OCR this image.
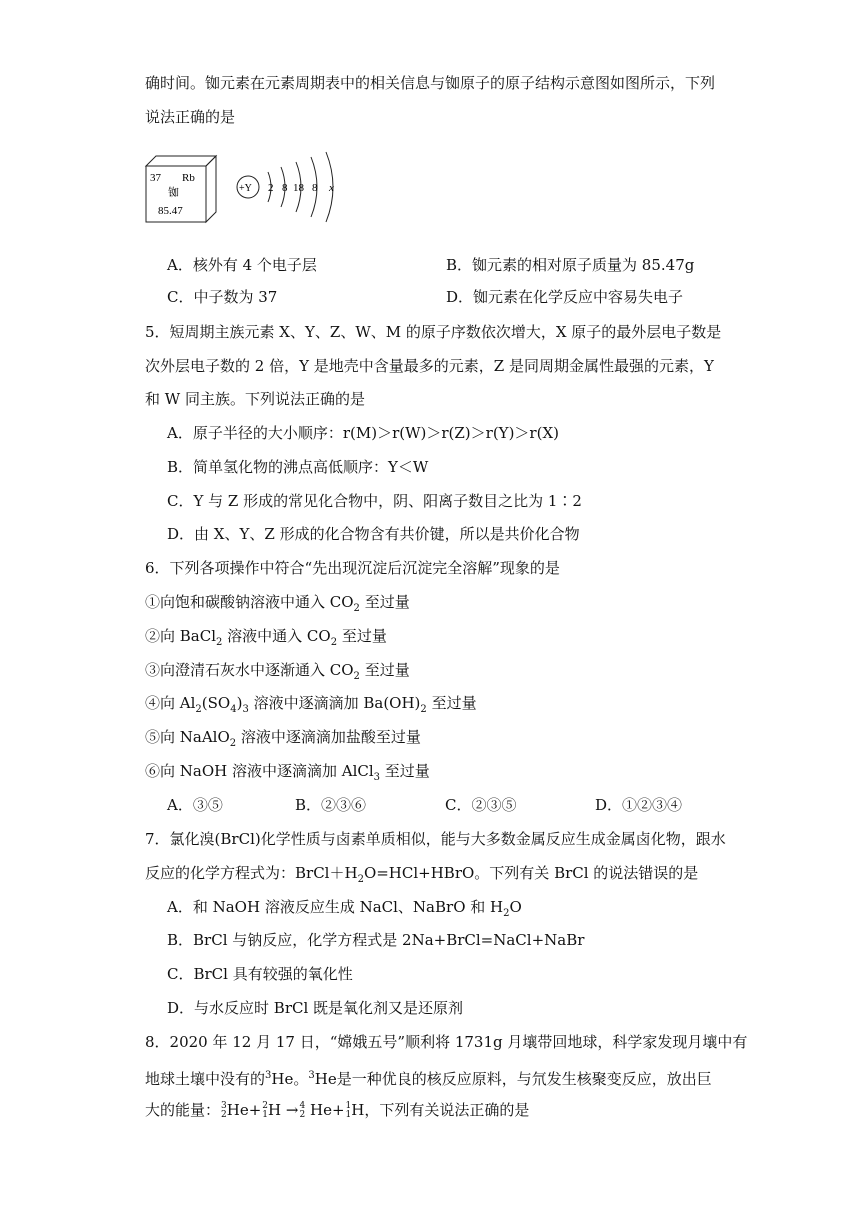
确时间。铷元素在元素周期表中的相关信息与铷原子的原子结构示意图如图所示，下列
说法正确的是
37 Rb
铷
85.47
+Y 2 8 18 8 x
A．核外有 4 个电子层	B．铷元素的相对原子质量为 85.47g
C．中子数为 37	D．铷元素在化学反应中容易失电子
5．短周期主族元素 X、Y、Z、W、M 的原子序数依次增大，X 原子的最外层电子数是
次外层电子数的 2 倍，Y 是地壳中含量最多的元素，Z 是同周期金属性最强的元素，Y
和 W 同主族。下列说法正确的是
A．原子半径的大小顺序：r(M)＞r(W)＞r(Z)＞r(Y)＞r(X)
B．简单氢化物的沸点高低顺序：Y＜W
C．Y 与 Z 形成的常见化合物中，阴、阳离子数目之比为 1∶2
D．由 X、Y、Z 形成的化合物含有共价键，所以是共价化合物
6．下列各项操作中符合“先出现沉淀后沉淀完全溶解”现象的是
①向饱和碳酸钠溶液中通入 $CO_2$ 至过量
②向 BaCl$_2$ 溶液中通入 $CO_2$ 至过量
③向澄清石灰水中逐渐通入 $CO_2$ 至过量
④向 $Al_2(SO_4)_3$ 溶液中逐滴滴加 $Ba(OH)_2$ 至过量
⑤向 NaAlO$_2$ 溶液中逐滴滴加盐酸至过量
⑥向 NaOH 溶液中逐滴滴加 AlCl$_3$ 至过量
A．③⑤	B．②③⑥	C．②③⑤	D．①②③④
7．氯化溴(BrCl)化学性质与卤素单质相似，能与大多数金属反应生成金属卤化物，跟水
反应的化学方程式为：$BrCl+H_2O=HCl+HBrO$。下列有关 BrCl 的说法错误的是
A．和 NaOH 溶液反应生成 NaCl、NaBrO 和 $H_2O$
B．BrCl 与钠反应，化学方程式是 2Na+BrCl=NaCl+NaBr
C．BrCl 具有较强的氧化性
D．与水反应时 BrCl 既是氧化剂又是还原剂
8．2020 年 12 月 17 日，“嫦娥五号”顺利将 1731g 月壤带回地球，科学家发现月壤中有
地球土壤中没有的$^3$He。$^3$He是一种优良的核反应原料，与氘发生核聚变反应，放出巨
大的能量： 3
2 He+ 2
1 H → 4
2 He+ 1
1 H，下列有关说法正确的是
